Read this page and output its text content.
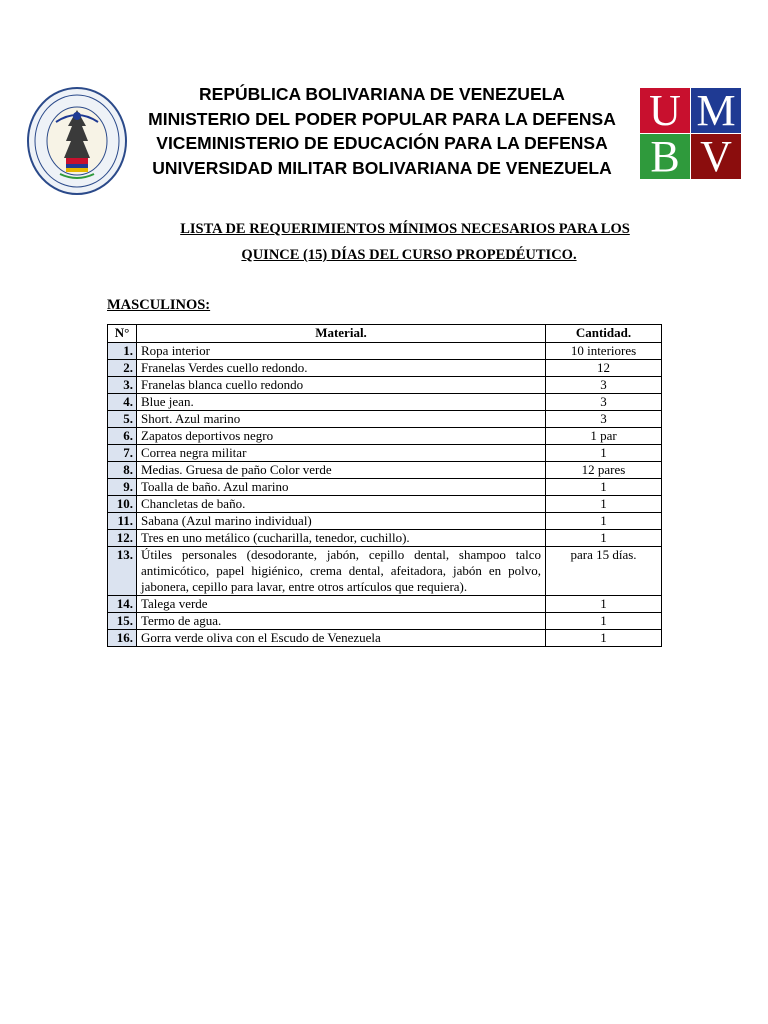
REPÚBLICA BOLIVARIANA DE VENEZUELA
MINISTERIO DEL PODER POPULAR PARA LA DEFENSA
VICEMINISTERIO DE EDUCACIÓN PARA LA DEFENSA
UNIVERSIDAD MILITAR BOLIVARIANA DE VENEZUELA
U M
B V
LISTA DE REQUERIMIENTOS MÍNIMOS NECESARIOS PARA LOS
QUINCE (15) DÍAS DEL CURSO PROPEDÉUTICO.
MASCULINOS:
N°	Material.	Cantidad.
1.	Ropa interior	10 interiores
2.	Franelas Verdes cuello redondo.	12
3.	Franelas blanca cuello redondo	3
4.	Blue jean.	3
5.	Short. Azul marino	3
6.	Zapatos deportivos negro	1 par
7.	Correa negra militar	1
8.	Medias. Gruesa de paño Color verde	12 pares
9.	Toalla de baño. Azul marino	1
10.	Chancletas de baño.	1
11.	Sabana (Azul marino individual)	1
12.	Tres en uno metálico (cucharilla, tenedor, cuchillo).	1
13.	Útiles personales (desodorante, jabón, cepillo dental, shampoo talco antimicótico, papel higiénico, crema dental, afeitadora, jabón en polvo, jabonera, cepillo para lavar, entre otros artículos que requiera).	para 15 días.
14.	Talega verde	1
15.	Termo de agua.	1
16.	Gorra verde oliva con el Escudo de Venezuela	1
